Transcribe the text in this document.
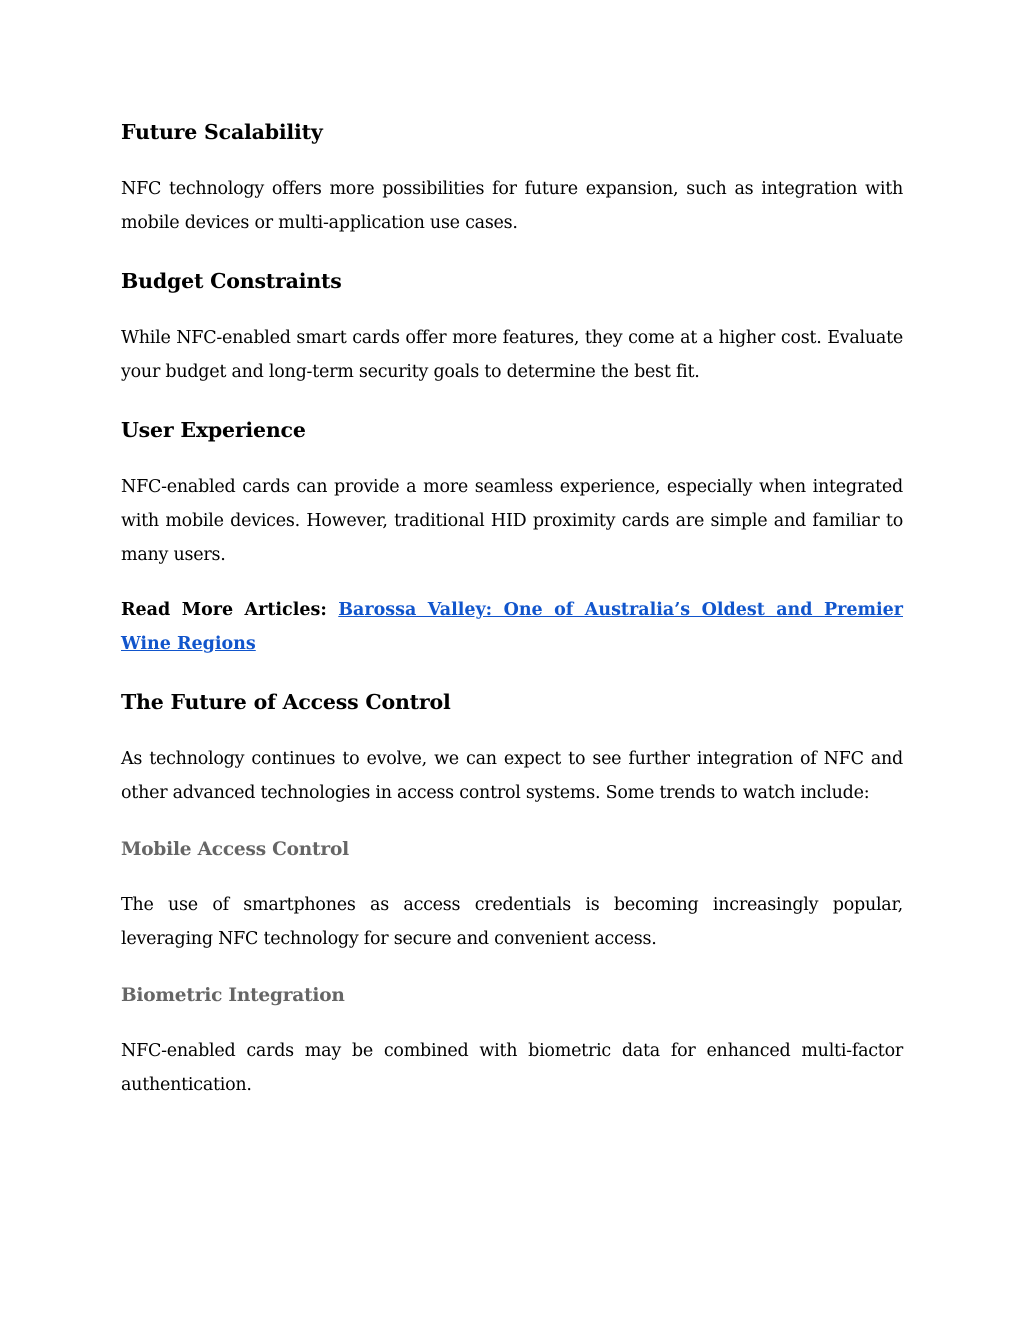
Future Scalability

NFC technology offers more possibilities for future expansion, such as integration with mobile devices or multi-application use cases.

Budget Constraints

While NFC-enabled smart cards offer more features, they come at a higher cost. Evaluate your budget and long-term security goals to determine the best fit.

User Experience

NFC-enabled cards can provide a more seamless experience, especially when integrated with mobile devices. However, traditional HID proximity cards are simple and familiar to many users.

Read More Articles: Barossa Valley: One of Australia’s Oldest and Premier Wine Regions

The Future of Access Control

As technology continues to evolve, we can expect to see further integration of NFC and other advanced technologies in access control systems. Some trends to watch include:

Mobile Access Control

The use of smartphones as access credentials is becoming increasingly popular, leveraging NFC technology for secure and convenient access.

Biometric Integration

NFC-enabled cards may be combined with biometric data for enhanced multi-factor authentication.
